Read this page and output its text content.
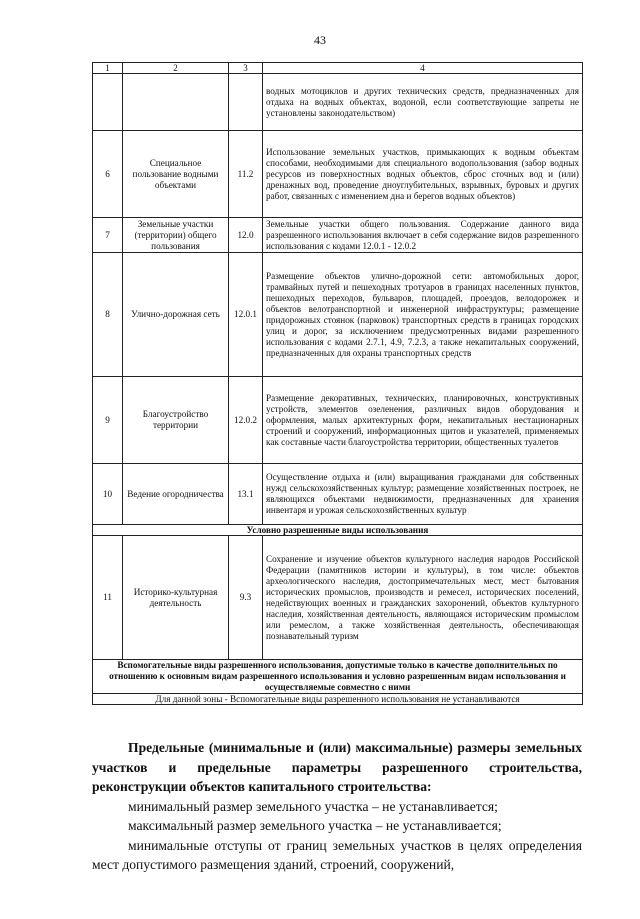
43
1	2	3	4
			водных мотоциклов и других технических средств, предназначенных для отдыха на водных объектах, водоной, если соответствующие запреты не установлены законодательством)
6	Специальное пользование водными объектами	11.2	Использование земельных участков, примыкающих к водным объектам способами, необходимыми для специального водопользования (забор водных ресурсов из поверхностных водных объектов, сброс сточных вод и (или) дренажных вод, проведение дноуглубительных, взрывных, буровых и других работ, связанных с изменением дна и берегов водных объектов)
7	Земельные участки (территории) общего пользования	12.0	Земельные участки общего пользования. Содержание данного вида разрешенного использования включает в себя содержание видов разрешенного использования с кодами 12.0.1 - 12.0.2
8	Улично-дорожная сеть	12.0.1	Размещение объектов улично-дорожной сети: автомобильных дорог, трамвайных путей и пешеходных тротуаров в границах населенных пунктов, пешеходных переходов, бульваров, площадей, проездов, велодорожек и объектов велотранспортной и инженерной инфраструктуры; размещение придорожных стоянок (парковок) транспортных средств в границах городских улиц и дорог, за исключением предусмотренных видами разрешенного использования с кодами 2.7.1, 4.9, 7.2.3, а также некапитальных сооружений, предназначенных для охраны транспортных средств
9	Благоустройство территории	12.0.2	Размещение декоративных, технических, планировочных, конструктивных устройств, элементов озеленения, различных видов оборудования и оформления, малых архитектурных форм, некапитальных нестационарных строений и сооружений, информационных щитов и указателей, применяемых как составные части благоустройства территории, общественных туалетов
10	Ведение огородничества	13.1	Осуществление отдыха и (или) выращивания гражданами для собственных нужд сельскохозяйственных культур; размещение хозяйственных построек, не являющихся объектами недвижимости, предназначенных для хранения инвентаря и урожая сельскохозяйственных культур
Условно разрешенные виды использования			
11	Историко-культурная деятельность	9.3	Сохранение и изучение объектов культурного наследия народов Российской Федерации (памятников истории и культуры), в том числе: объектов археологического наследия, достопримечательных мест, мест бытования исторических промыслов, производств и ремесел, исторических поселений, недействующих военных и гражданских захоронений, объектов культурного наследия, хозяйственная деятельность, являющаяся историческим промыслом или ремеслом, а также хозяйственная деятельность, обеспечивающая познавательный туризм
Вспомогательные виды разрешенного использования, допустимые только в качестве дополнительных по отношению к основным видам разрешенного использования и условно разрешенным видам использования и осуществляемые совместно с ними			
Для данной зоны - Вспомогательные виды разрешенного использования не устанавливаются			

Предельные (минимальные и (или) максимальные) размеры земельных участков и предельные параметры разрешенного строительства, реконструкции объектов капитального строительства:

минимальный размер земельного участка – не устанавливается;

максимальный размер земельного участка – не устанавливается;

минимальные отступы от границ земельных участков в целях определения мест допустимого размещения зданий, строений, сооружений,
